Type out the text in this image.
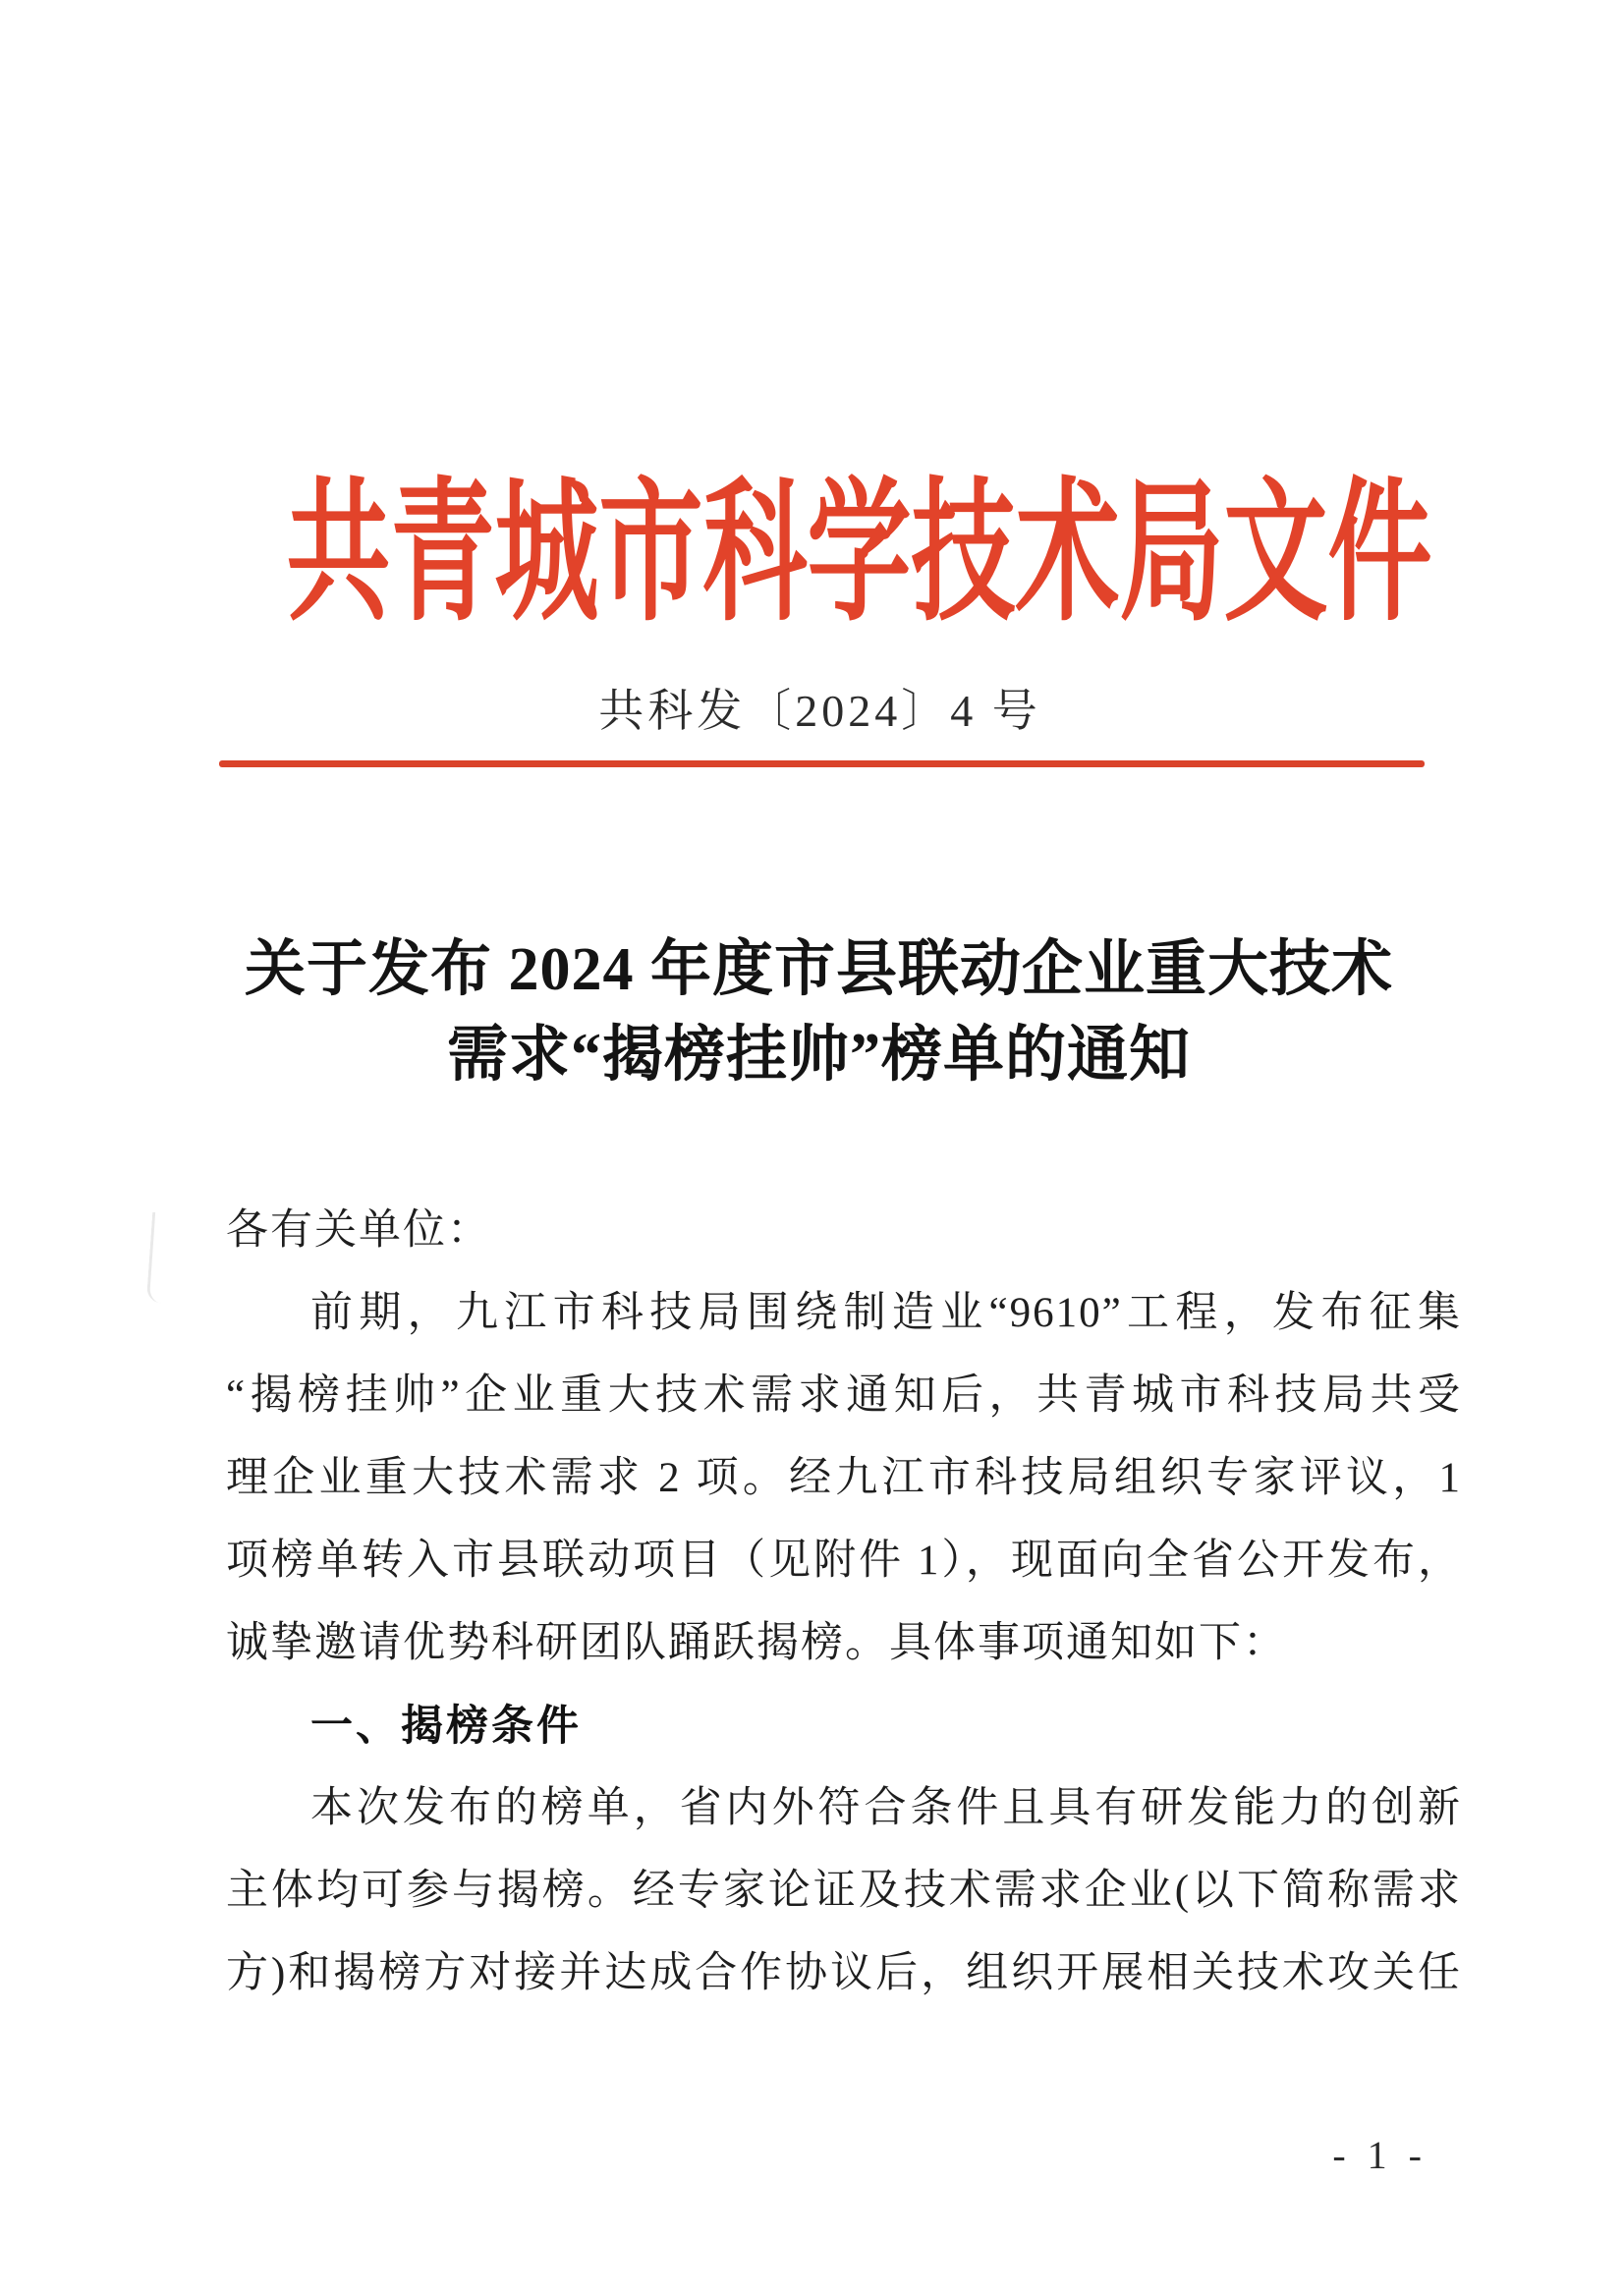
共青城市科学技术局文件
共科发〔2024〕4 号
关于发布 2024 年度市县联动企业重大技术
需求“揭榜挂帅”榜单的通知
各有关单位：
前期，九江市科技局围绕制造业“9610”工程，发布征集
“揭榜挂帅”企业重大技术需求通知后，共青城市科技局共受
理企业重大技术需求 2 项。经九江市科技局组织专家评议，1
项榜单转入市县联动项目（见附件 1），现面向全省公开发布，
诚挚邀请优势科研团队踊跃揭榜。具体事项通知如下：
一、揭榜条件
本次发布的榜单，省内外符合条件且具有研发能力的创新
主体均可参与揭榜。经专家论证及技术需求企业(以下简称需求
方)和揭榜方对接并达成合作协议后，组织开展相关技术攻关任
- 1 -
